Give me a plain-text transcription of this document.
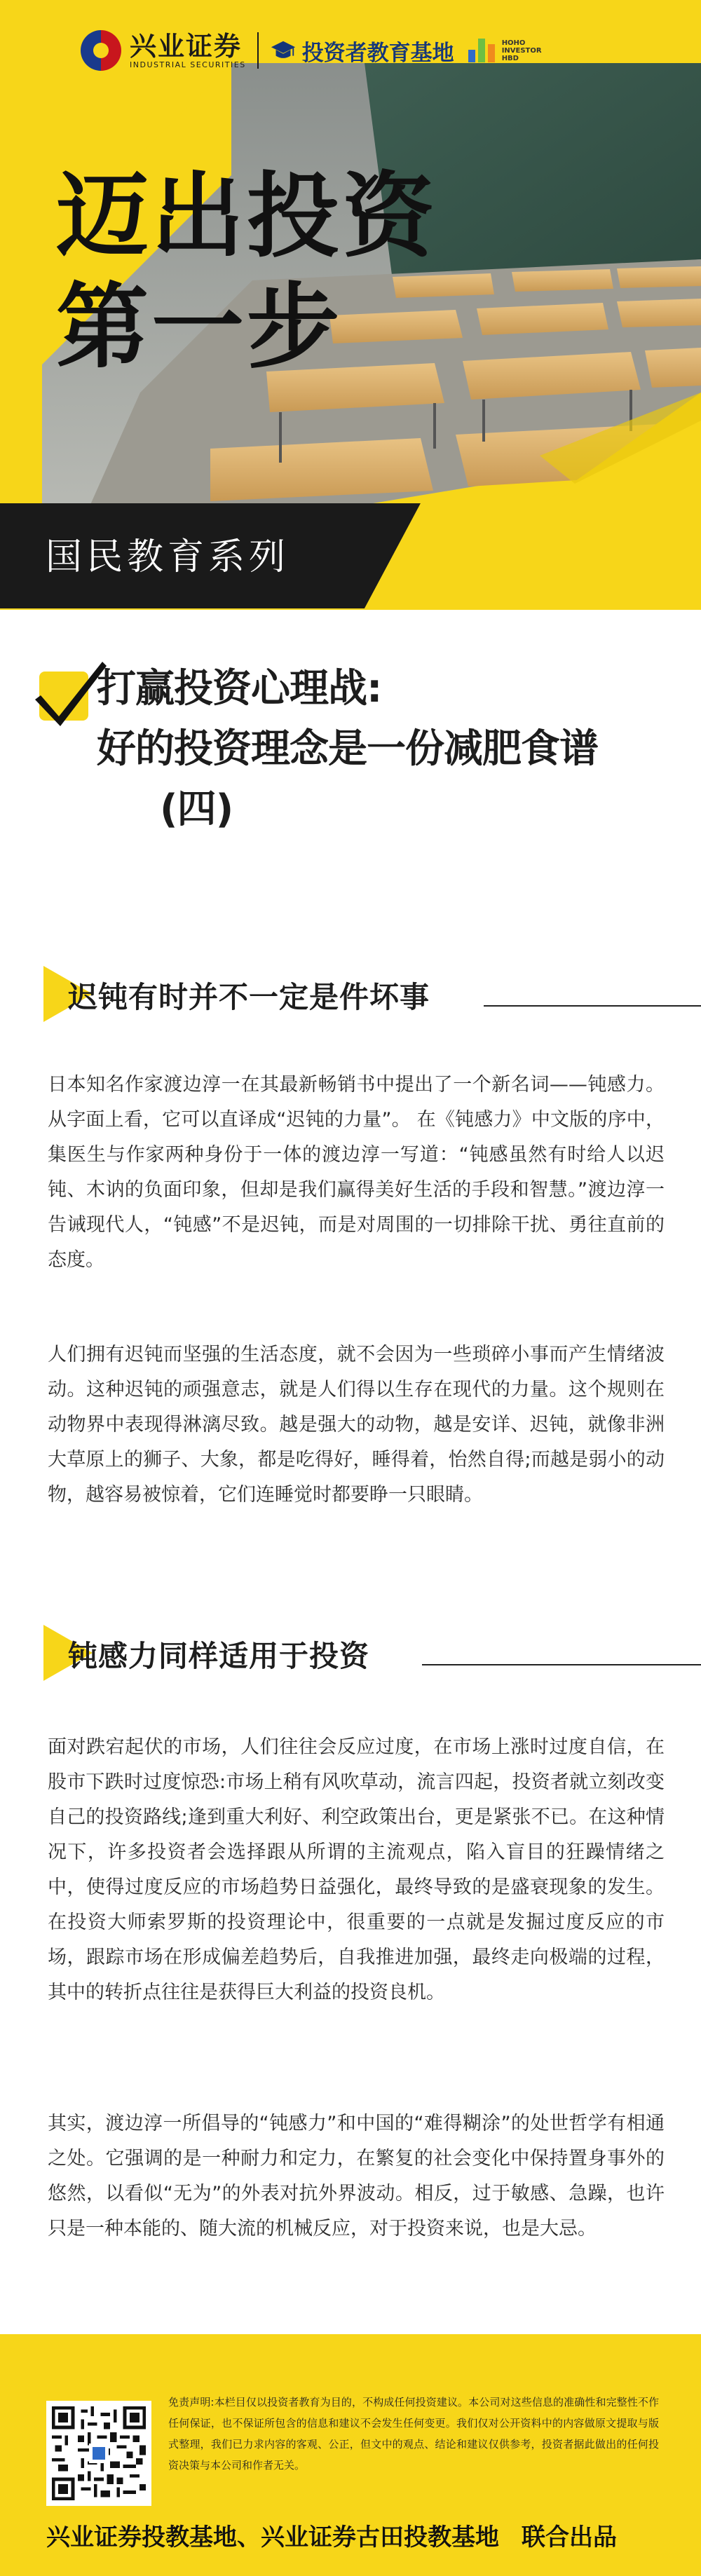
兴业证券
INDUSTRIAL SECURITIES	投资者教育基地	HOHO
INVESTOR
HBD
迈出投资
第一步
国民教育系列
打赢投资心理战:
好的投资理念是一份减肥食谱
(四)
迟钝有时并不一定是件坏事
日本知名作家渡边淳一在其最新畅销书中提出了一个新名词——钝感力。从字面上看，它可以直译成“迟钝的力量”。 在《钝感力》中文版的序中，集医生与作家两种身份于一体的渡边淳一写道：“钝感虽然有时给人以迟钝、木讷的负面印象，但却是我们赢得美好生活的手段和智慧。”渡边淳一告诫现代人，“钝感”不是迟钝，而是对周围的一切排除干扰、勇往直前的态度。
人们拥有迟钝而坚强的生活态度，就不会因为一些琐碎小事而产生情绪波动。这种迟钝的顽强意志，就是人们得以生存在现代的力量。这个规则在动物界中表现得淋漓尽致。越是强大的动物，越是安详、迟钝，就像非洲大草原上的狮子、大象，都是吃得好，睡得着，怡然自得;而越是弱小的动物，越容易被惊着，它们连睡觉时都要睁一只眼睛。
钝感力同样适用于投资
面对跌宕起伏的市场，人们往往会反应过度，在市场上涨时过度自信，在股市下跌时过度惊恐:市场上稍有风吹草动，流言四起，投资者就立刻改变自己的投资路线;逢到重大利好、利空政策出台，更是紧张不已。在这种情况下，许多投资者会选择跟从所谓的主流观点，陷入盲目的狂躁情绪之中，使得过度反应的市场趋势日益强化，最终导致的是盛衰现象的发生。在投资大师索罗斯的投资理论中，很重要的一点就是发掘过度反应的市场，跟踪市场在形成偏差趋势后，自我推进加强，最终走向极端的过程，其中的转折点往往是获得巨大利益的投资良机。
其实，渡边淳一所倡导的“钝感力”和中国的“难得糊涂”的处世哲学有相通之处。它强调的是一种耐力和定力，在繁复的社会变化中保持置身事外的悠然，以看似“无为”的外表对抗外界波动。相反，过于敏感、急躁，也许只是一种本能的、随大流的机械反应，对于投资来说，也是大忌。
免责声明:本栏目仅以投资者教育为目的，不构成任何投资建议。本公司对这些信息的准确性和完整性不作任何保证，也不保证所包含的信息和建议不会发生任何变更。我们仅对公开资料中的内容做原文提取与版式整理，我们已力求内容的客观、公正，但文中的观点、结论和建议仅供参考，投资者据此做出的任何投资决策与本公司和作者无关。
兴业证券投教基地、兴业证券古田投教基地 联合出品
